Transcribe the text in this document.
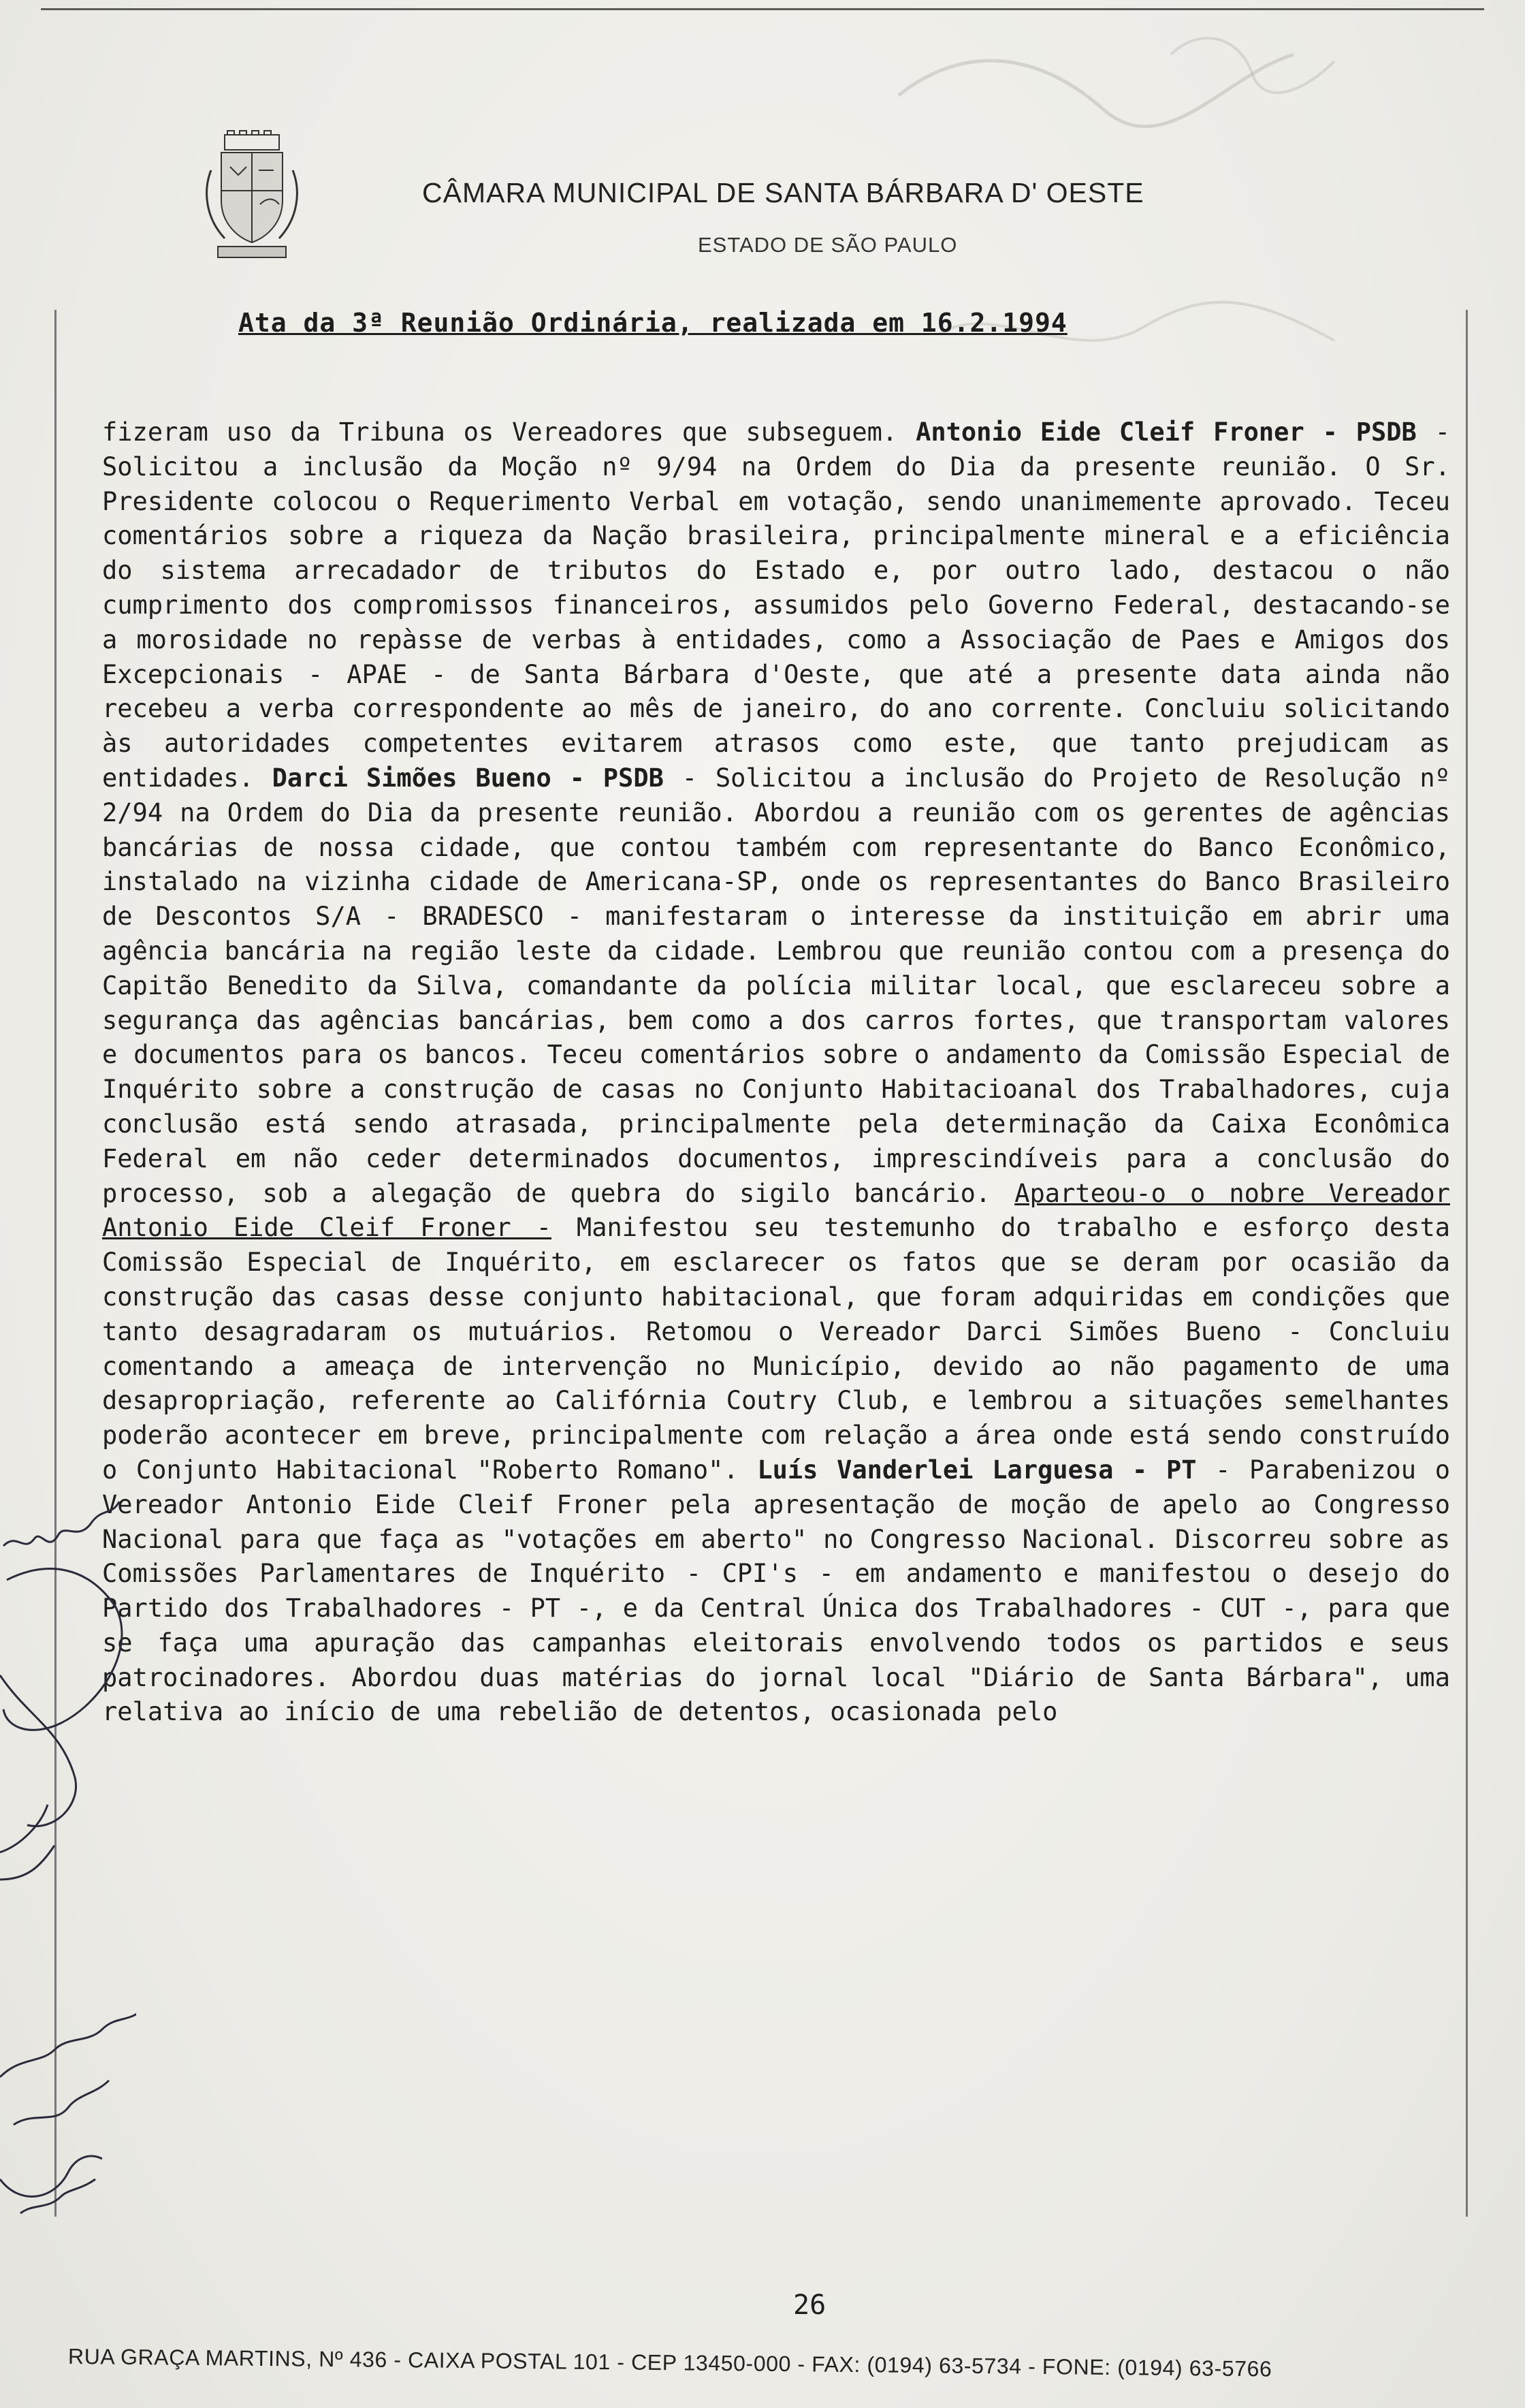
CÂMARA MUNICIPAL DE SANTA BÁRBARA D' OESTE
ESTADO DE SÃO PAULO
Ata da 3ª Reunião Ordinária, realizada em 16.2.1994
fizeram uso da Tribuna os Vereadores que subseguem. Antonio Eide Cleif Froner - PSDB - Solicitou a inclusão da Moção nº 9/94 na Ordem do Dia da presente reunião. O Sr. Presidente colocou o Requerimento Verbal em votação, sendo unanimemente aprovado. Teceu comentários sobre a riqueza da Nação brasileira, principalmente mineral e a eficiência do sistema arrecadador de tributos do Estado e, por outro lado, destacou o não cumprimento dos compromissos financeiros, assumidos pelo Governo Federal, destacando-se a morosidade no repàsse de verbas à entidades, como a Associação de Paes e Amigos dos Excepcionais - APAE - de Santa Bárbara d'Oeste, que até a presente data ainda não recebeu a verba correspondente ao mês de janeiro, do ano corrente. Concluiu solicitando às autoridades competentes evitarem atrasos como este, que tanto prejudicam as entidades. Darci Simões Bueno - PSDB - Solicitou a inclusão do Projeto de Resolução nº 2/94 na Ordem do Dia da presente reunião. Abordou a reunião com os gerentes de agências bancárias de nossa cidade, que contou também com representante do Banco Econômico, instalado na vizinha cidade de Americana-SP, onde os representantes do Banco Brasileiro de Descontos S/A - BRADESCO - manifestaram o interesse da instituição em abrir uma agência bancária na região leste da cidade. Lembrou que reunião contou com a presença do Capitão Benedito da Silva, comandante da polícia militar local, que esclareceu sobre a segurança das agências bancárias, bem como a dos carros fortes, que transportam valores e documentos para os bancos. Teceu comentários sobre o andamento da Comissão Especial de Inquérito sobre a construção de casas no Conjunto Habitacioanal dos Trabalhadores, cuja conclusão está sendo atrasada, principalmente pela determinação da Caixa Econômica Federal em não ceder determinados documentos, imprescindíveis para a conclusão do processo, sob a alegação de quebra do sigilo bancário. Aparteou-o o nobre Vereador Antonio Eide Cleif Froner - Manifestou seu testemunho do trabalho e esforço desta Comissão Especial de Inquérito, em esclarecer os fatos que se deram por ocasião da construção das casas desse conjunto habitacional, que foram adquiridas em condições que tanto desagradaram os mutuários. Retomou o Vereador Darci Simões Bueno - Concluiu comentando a ameaça de intervenção no Município, devido ao não pagamento de uma desapropriação, referente ao Califórnia Coutry Club, e lembrou a situações semelhantes poderão acontecer em breve, principalmente com relação a área onde está sendo construído o Conjunto Habitacional "Roberto Romano". Luís Vanderlei Larguesa - PT - Parabenizou o Vereador Antonio Eide Cleif Froner pela apresentação de moção de apelo ao Congresso Nacional para que faça as "votações em aberto" no Congresso Nacional. Discorreu sobre as Comissões Parlamentares de Inquérito - CPI's - em andamento e manifestou o desejo do Partido dos Trabalhadores - PT -, e da Central Única dos Trabalhadores - CUT -, para que se faça uma apuração das campanhas eleitorais envolvendo todos os partidos e seus patrocinadores. Abordou duas matérias do jornal local "Diário de Santa Bárbara", uma relativa ao início de uma rebelião de detentos, ocasionada pelo
26
RUA GRAÇA MARTINS, Nº 436 - CAIXA POSTAL 101 - CEP 13450-000 - FAX: (0194) 63-5734 - FONE: (0194) 63-5766
